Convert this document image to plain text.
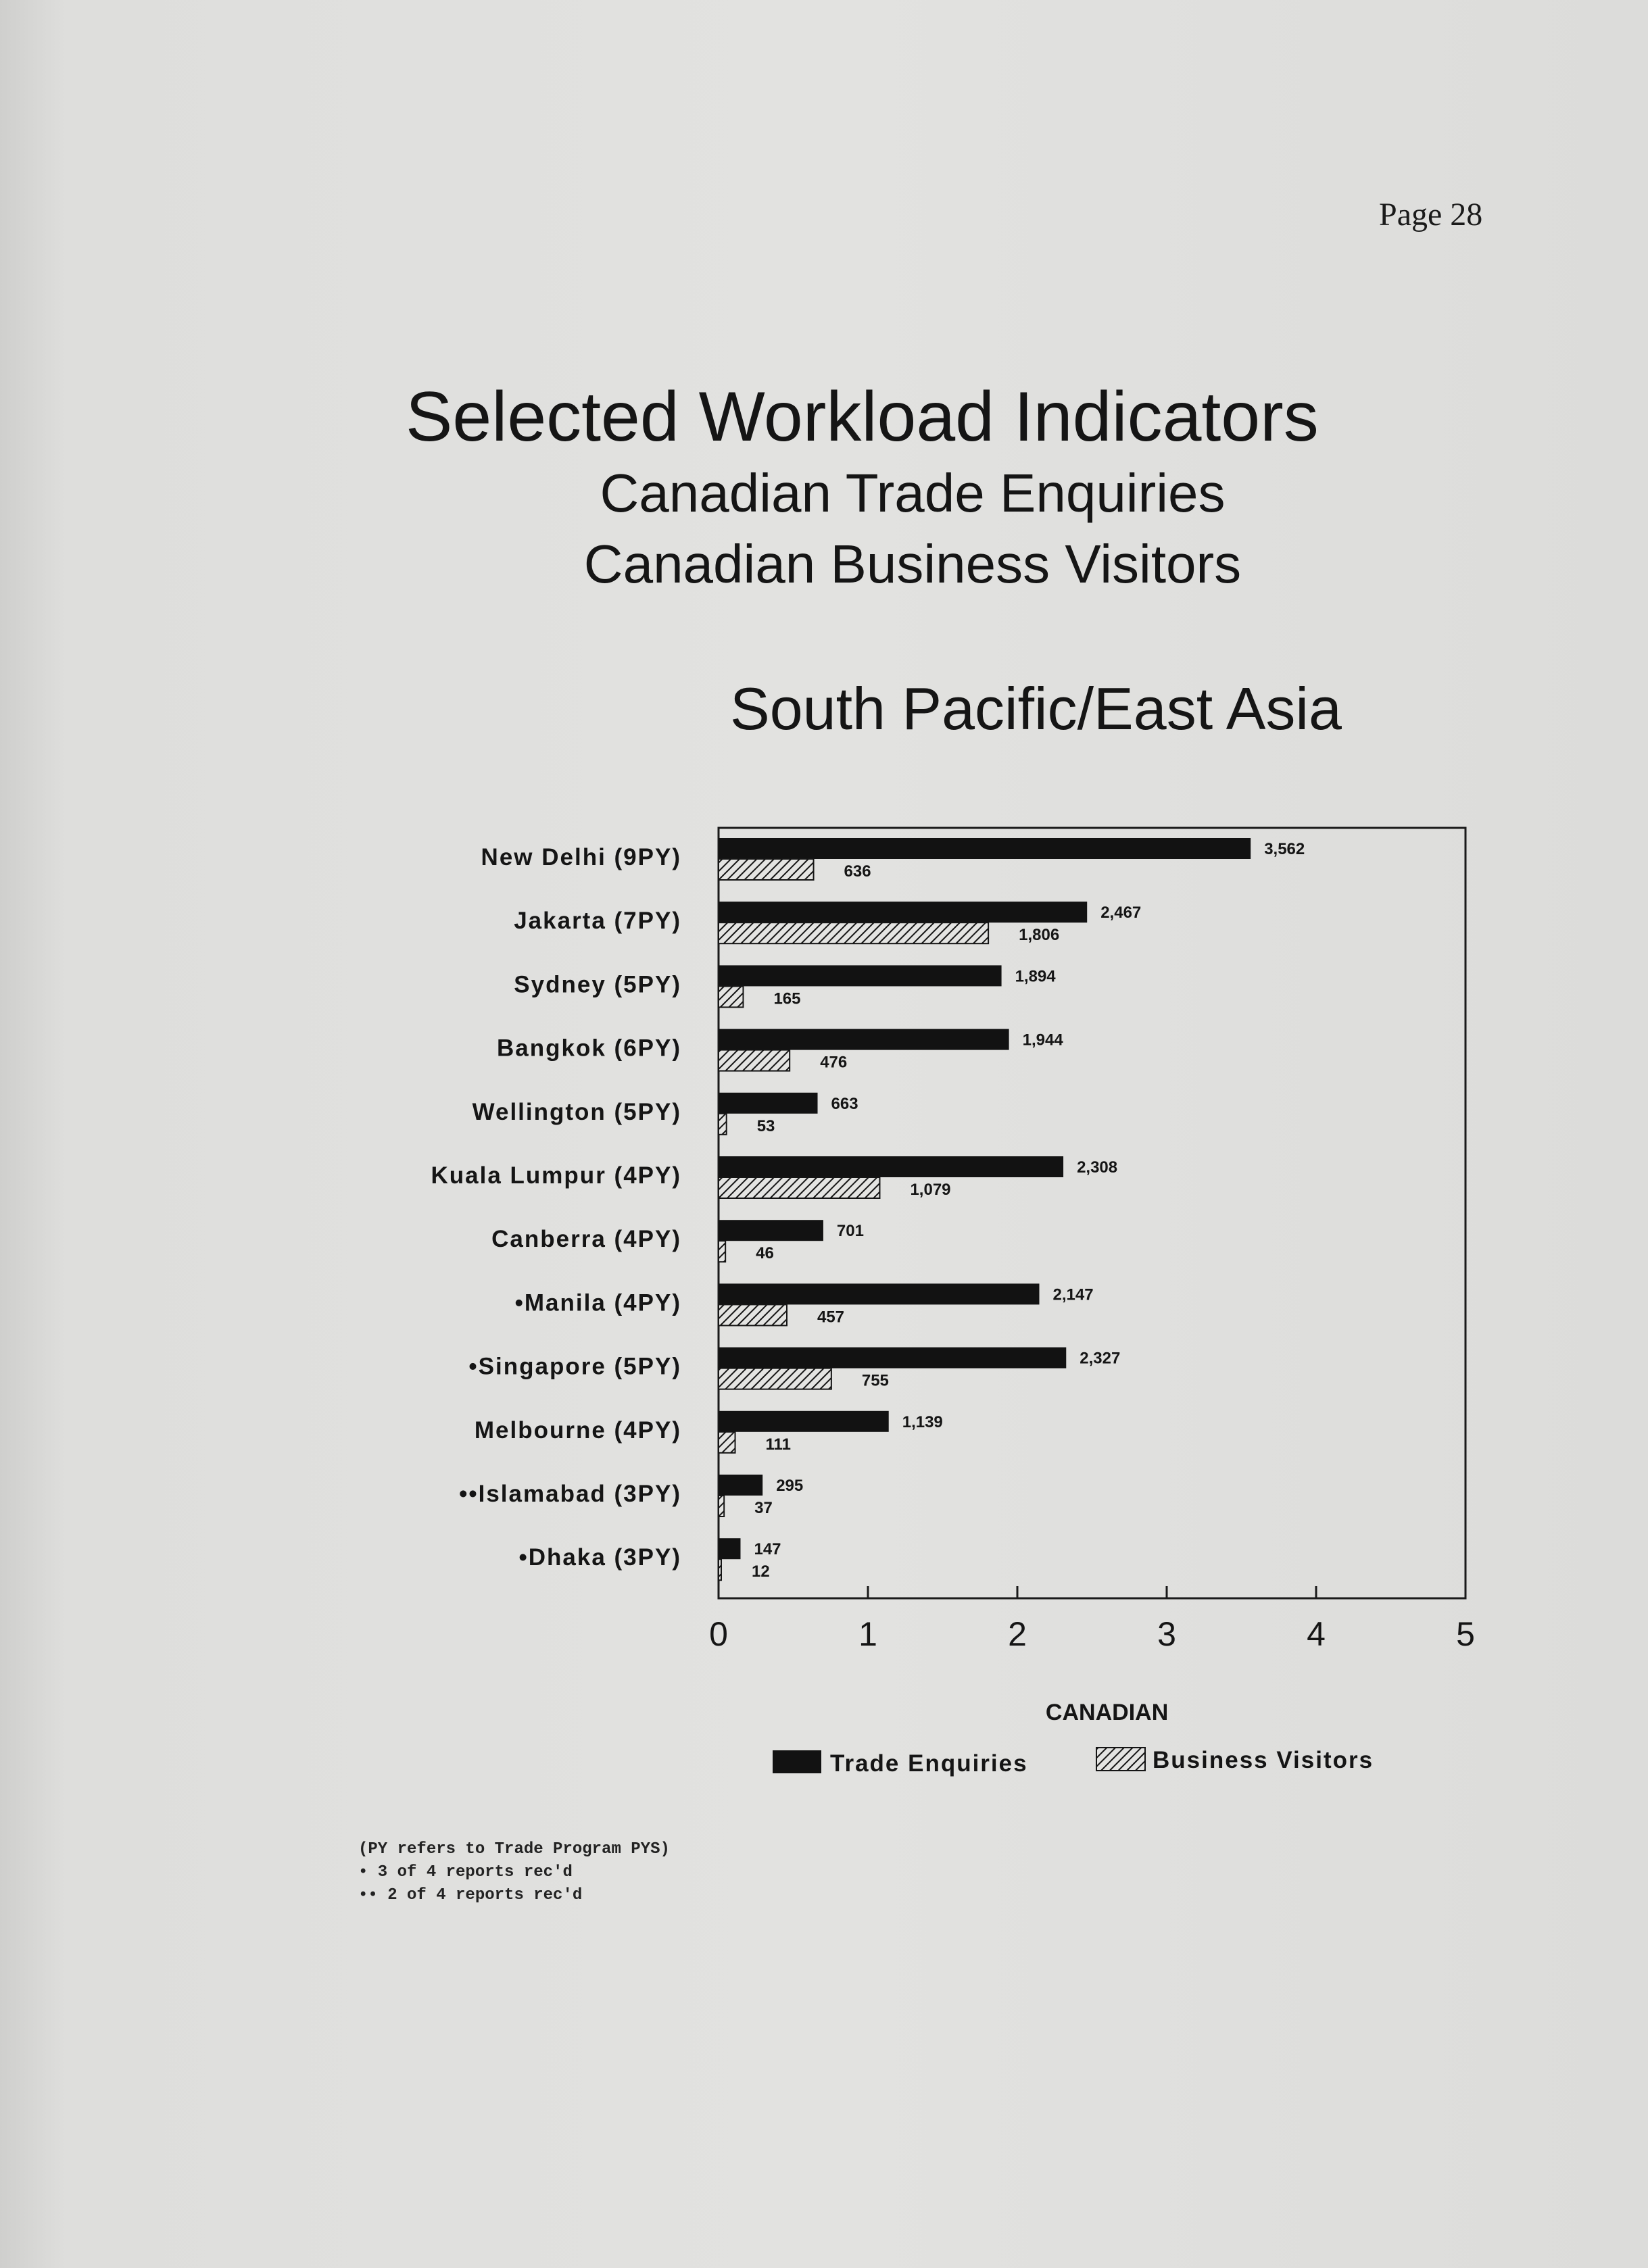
Page 28
Selected Workload Indicators
Canadian Trade Enquiries
Canadian Business Visitors
South Pacific/East Asia
0	1	2	3	4	5
CANADIAN
New Delhi (9PY)	3,562
636
Jakarta (7PY)	2,467
1,806
Sydney (5PY)	1,894
165
Bangkok (6PY)	1,944
476
Wellington (5PY)	663
53
Kuala Lumpur (4PY)	2,308
1,079
Canberra (4PY)	701
46
•Manila (4PY)	2,147
457
•Singapore (5PY)	2,327
755
Melbourne (4PY)	1,139
111
••Islamabad (3PY)	295
37
•Dhaka (3PY)	147
12
Trade Enquiries	Business Visitors
(PY refers to Trade Program PYS)
• 3 of 4 reports rec'd
•• 2 of 4 reports rec'd
